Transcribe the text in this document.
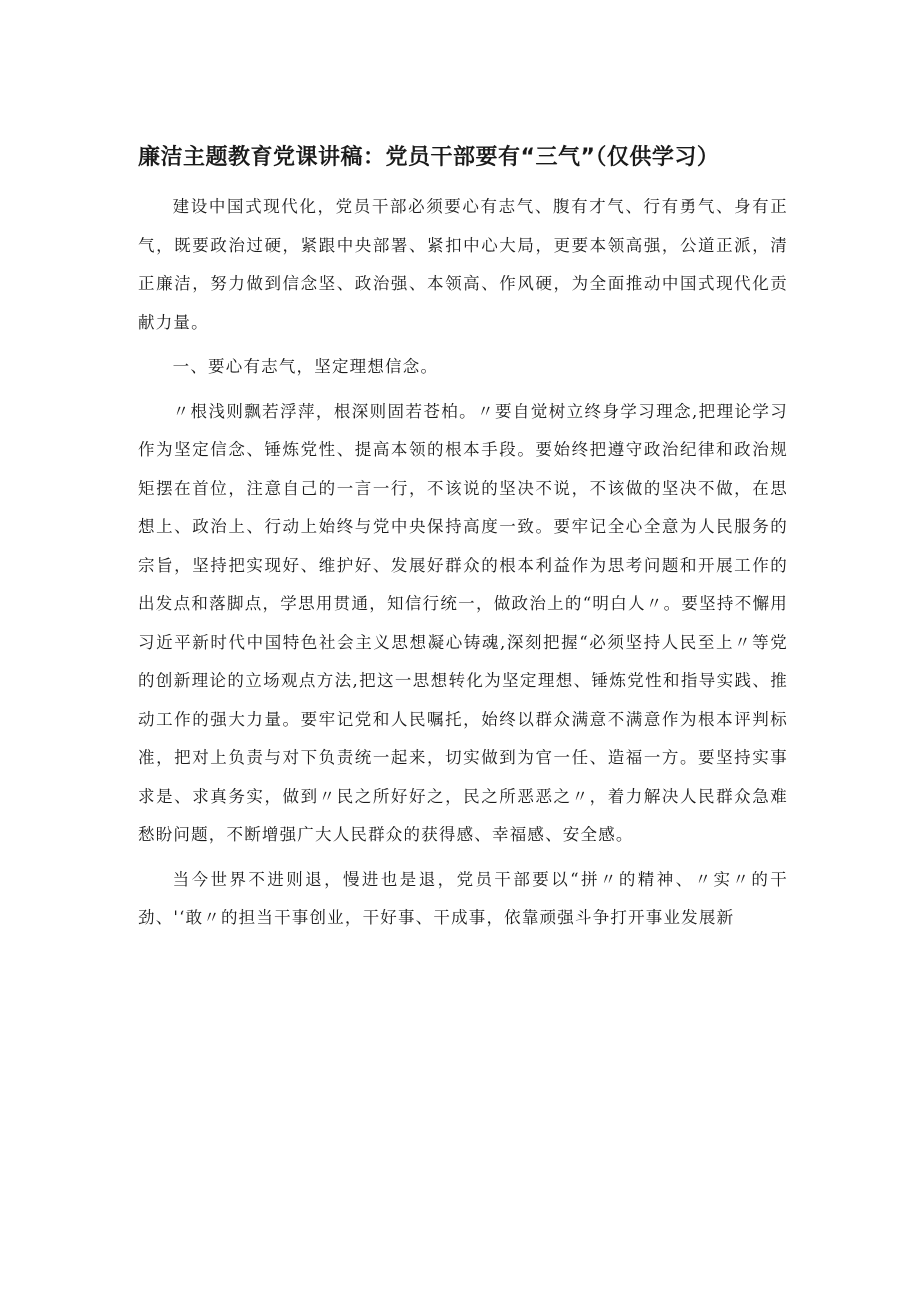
廉洁主题教育党课讲稿：党员干部要有“三气”（仅供学习）

建设中国式现代化，党员干部必须要心有志气、腹有才气、行有勇气、身有正气，既要政治过硬，紧跟中央部署、紧扣中心大局，更要本领高强，公道正派，清正廉洁，努力做到信念坚、政治强、本领高、作风硬，为全面推动中国式现代化贡献力量。

一、要心有志气，坚定理想信念。

〃根浅则飘若浮萍，根深则固若苍柏。〃要自觉树立终身学习理念,把理论学习作为坚定信念、锤炼党性、提高本领的根本手段。要始终把遵守政治纪律和政治规矩摆在首位，注意自己的一言一行，不该说的坚决不说，不该做的坚决不做，在思想上、政治上、行动上始终与党中央保持高度一致。要牢记全心全意为人民服务的宗旨，坚持把实现好、维护好、发展好群众的根本利益作为思考问题和开展工作的出发点和落脚点，学思用贯通，知信行统一，做政治上的“明白人〃。要坚持不懈用习近平新时代中国特色社会主义思想凝心铸魂,深刻把握“必须坚持人民至上〃等党的创新理论的立场观点方法,把这一思想转化为坚定理想、锤炼党性和指导实践、推动工作的强大力量。要牢记党和人民嘱托，始终以群众满意不满意作为根本评判标准，把对上负责与对下负责统一起来，切实做到为官一任、造福一方。要坚持实事求是、求真务实，做到〃民之所好好之，民之所恶恶之〃，着力解决人民群众急难愁盼问题，不断增强广大人民群众的获得感、幸福感、安全感。

当今世界不进则退，慢进也是退，党员干部要以“拼〃的精神、〃实〃的干劲、'‘敢〃的担当干事创业，干好事、干成事，依靠顽强斗争打开事业发展新
